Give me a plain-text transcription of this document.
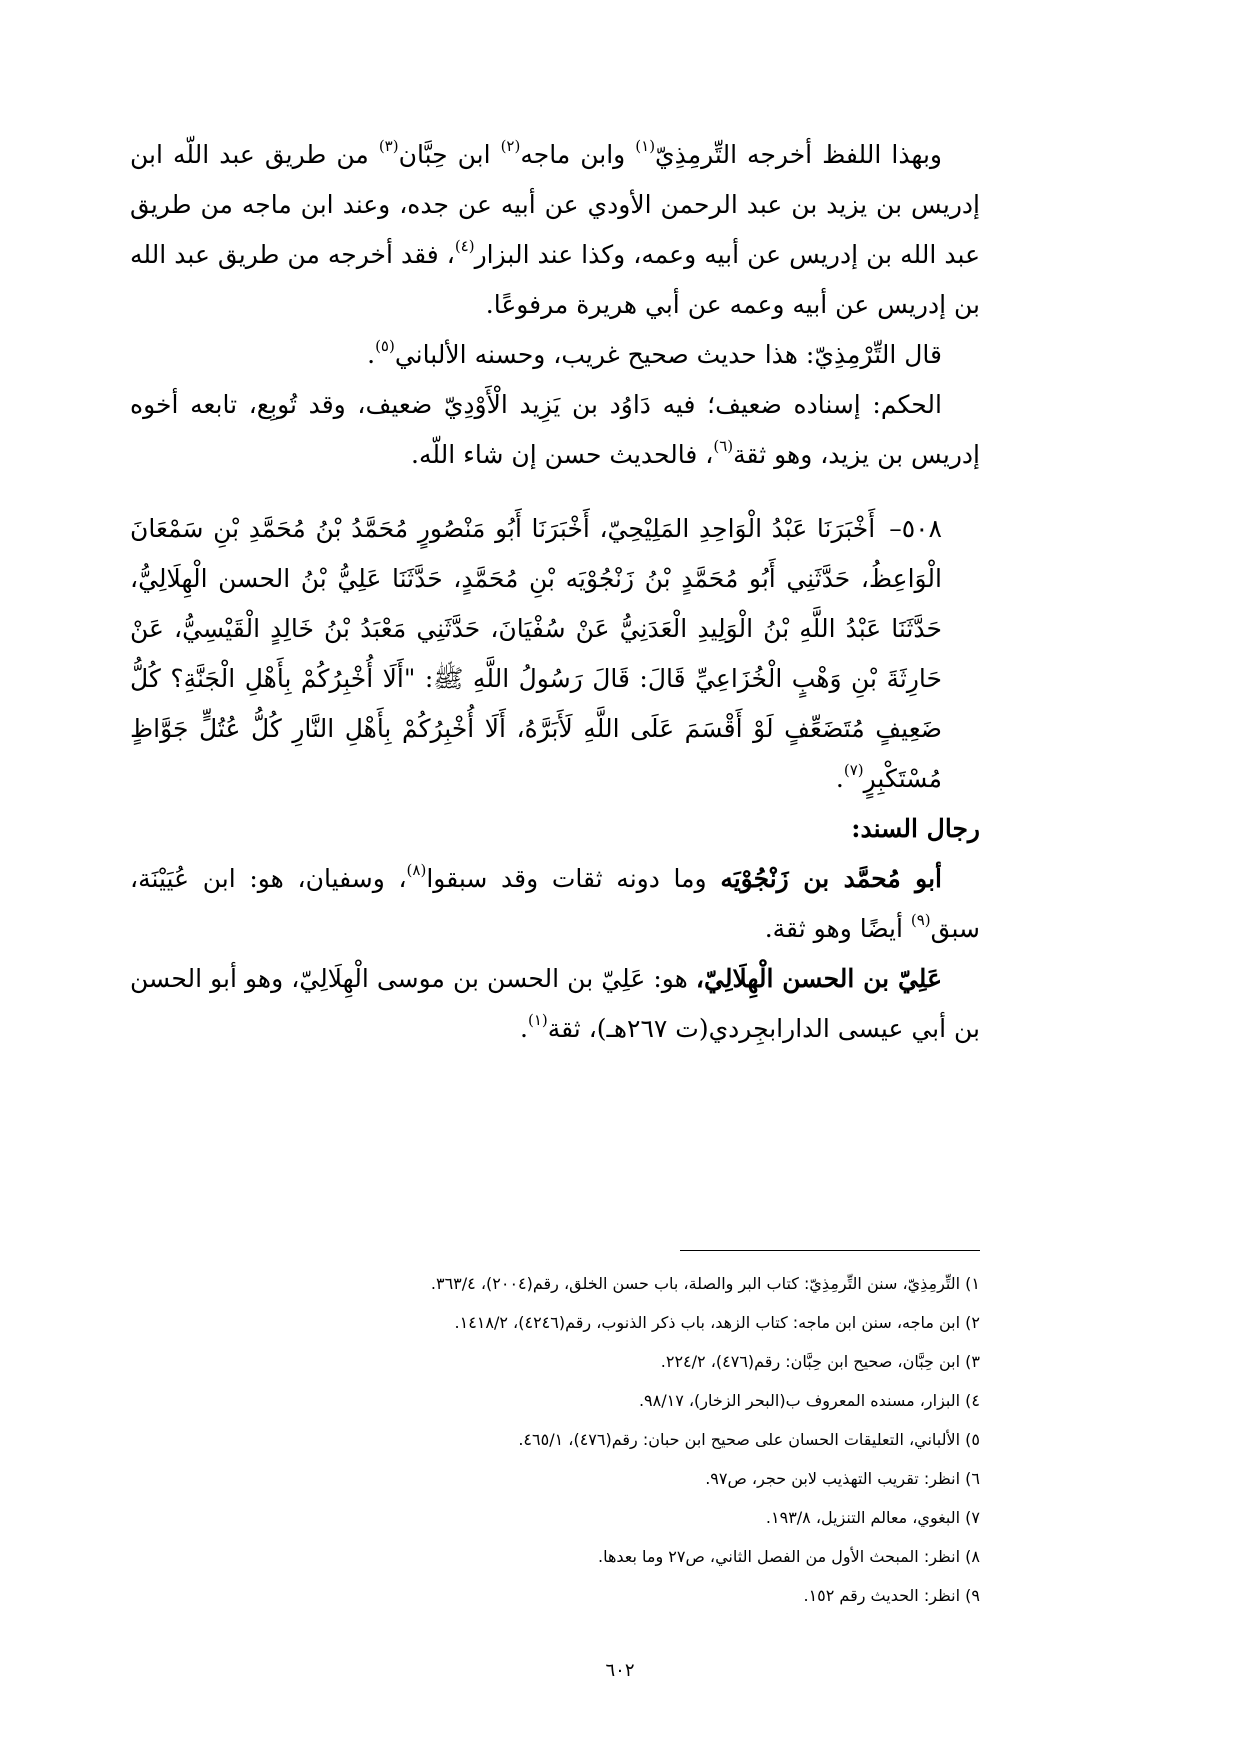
وبهذا اللفظ أخرجه التِّرمِذِيّ$^{(١)}$ وابن ماجه$^{(٢)}$ ابن حِبَّان$^{(٣)}$ من طريق عبد اللّه ابن إدريس بن يزيد بن عبد الرحمن الأودي عن أبيه عن جده، وعند ابن ماجه من طريق عبد الله بن إدريس عن أبيه وعمه، وكذا عند البزار$^{(٤)}$، فقد أخرجه من طريق عبد الله بن إدريس عن أبيه وعمه عن أبي هريرة مرفوعًا.

قال التِّرْمِذِيّ: هذا حديث صحيح غريب، وحسنه الألباني$^{(٥)}$.

الحكم: إسناده ضعيف؛ فيه دَاوُد بن يَزِيد الْأَوْدِيّ ضعيف، وقد تُوبِع، تابعه أخوه إدريس بن يزيد، وهو ثقة$^{(٦)}$، فالحديث حسن إن شاء اللّه.

٥٠٨–أَخْبَرَنَا عَبْدُ الْوَاحِدِ المَلِيْحِيّ، أَخْبَرَنَا أَبُو مَنْصُورٍ مُحَمَّدُ بْنُ مُحَمَّدِ بْنِ سَمْعَانَ الْوَاعِظُ، حَدَّثَنِي أَبُو مُحَمَّدٍ بْنُ زَنْجُوْيَه بْنِ مُحَمَّدٍ، حَدَّثَنَا عَلِيُّ بْنُ الحسن الْهِلَالِيُّ، حَدَّثَنَا عَبْدُ اللَّهِ بْنُ الْوَلِيدِ الْعَدَنِيُّ عَنْ سُفْيَانَ، حَدَّثَنِي مَعْبَدُ بْنُ خَالِدٍ الْقَيْسِيُّ، عَنْ حَارِثَةَ بْنِ وَهْبٍ الْخُزَاعِيِّ قَالَ: قَالَ رَسُولُ اللَّهِ ﷺ: "أَلَا أُخْبِرُكُمْ بِأَهْلِ الْجَنَّةِ؟ كُلُّ ضَعِيفٍ مُتَضَعِّفٍ لَوْ أَقْسَمَ عَلَى اللَّهِ لَأَبَرَّهُ، أَلَا أُخْبِرُكُمْ بِأَهْلِ النَّارِ كُلُّ عُتُلٍّ جَوَّاظٍ مُسْتَكْبِرٍ$^{(٧)}$.

رجال السند:

أبو مُحمَّد بن زَنْجُوْيَه وما دونه ثقات وقد سبقوا$^{(٨)}$، وسفيان، هو: ابن عُيَيْنَة، سبق$^{(٩)}$ أيضًا وهو ثقة.

عَلِيّ بن الحسن الْهِلَالِيّ، هو: عَلِيّ بن الحسن بن موسى الْهِلَالِيّ، وهو أبو الحسن بن أبي عيسى الدارابجِردي(ت ٢٦٧هـ)، ثقة$^{(١)}$.

١) التِّرمِذِيّ، سنن التِّرمِذِيّ: كتاب البر والصلة، باب حسن الخلق، رقم(٢٠٠٤)، ٣٦٣/٤.
٢) ابن ماجه، سنن ابن ماجه: كتاب الزهد، باب ذكر الذنوب، رقم(٤٢٤٦)، ١٤١٨/٢.
٣) ابن حِبَّان، صحيح ابن حِبَّان: رقم(٤٧٦)، ٢٢٤/٢.
٤) البزار، مسنده المعروف ب(البحر الزخار)، ٩٨/١٧.
٥) الألباني، التعليقات الحسان على صحيح ابن حبان: رقم(٤٧٦)، ٤٦٥/١.
٦) انظر: تقريب التهذيب لابن حجر، ص٩٧.
٧) البغوي، معالم التنزيل، ١٩٣/٨.
٨) انظر: المبحث الأول من الفصل الثاني، ص٢٧ وما بعدها.
٩) انظر: الحديث رقم ١٥٢.
٦٠٢
